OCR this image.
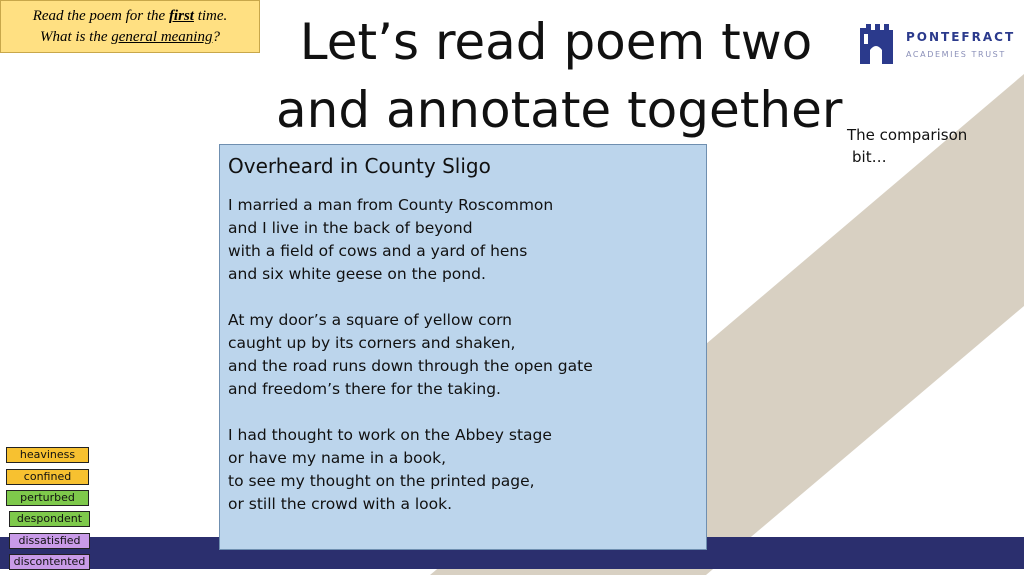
Read the poem for the first time.
What is the general meaning?	Let’s read poem two
and annotate together
PONTEFRACT
ACADEMIES TRUST
The comparison
bit…
Overheard in County Sligo
I married a man from County Roscommon
and I live in the back of beyond
with a field of cows and a yard of hens
and six white geese on the pond.
At my door’s a square of yellow corn
caught up by its corners and shaken,
and the road runs down through the open gate
and freedom’s there for the taking.
I had thought to work on the Abbey stage
or have my name in a book,
to see my thought on the printed page,
or still the crowd with a look.
heaviness
confined
perturbed
despondent
dissatisfied
discontented
